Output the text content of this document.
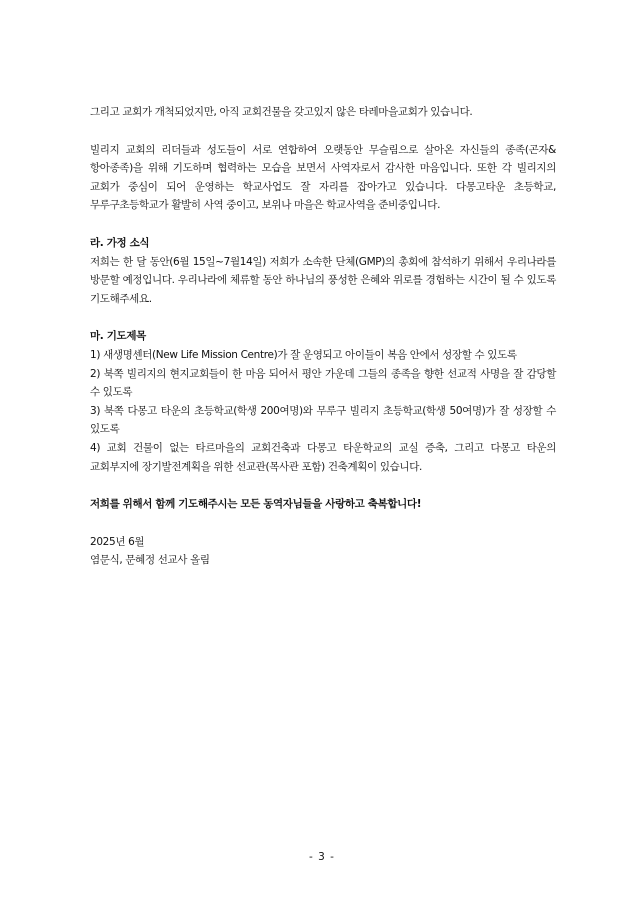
그리고 교회가 개척되었지만, 아직 교회건물을 갖고있지 않은 타레마을교회가 있습니다.

빌리지 교회의 리더들과 성도들이 서로 연합하여 오랫동안 무슬림으로 살아온 자신들의 종족(곤자&항아종족)을 위해 기도하며 협력하는 모습을 보면서 사역자로서 감사한 마음입니다. 또한 각 빌리지의 교회가 중심이 되어 운영하는 학교사업도 잘 자리를 잡아가고 있습니다. 다몽고타운 초등학교, 무루구초등학교가 활발히 사역 중이고, 보위나 마을은 학교사역을 준비중입니다.

라. 가정 소식

저희는 한 달 동안(6월 15일~7월14일) 저희가 소속한 단체(GMP)의 총회에 참석하기 위해서 우리나라를 방문할 예정입니다. 우리나라에 체류할 동안 하나님의 풍성한 은혜와 위로를 경험하는 시간이 될 수 있도록 기도해주세요.

마. 기도제목

1) 새생명센터(New Life Mission Centre)가 잘 운영되고 아이들이 복음 안에서 성장할 수 있도록

2) 북쪽 빌리지의 현지교회들이 한 마음 되어서 평안 가운데 그들의 종족을 향한 선교적 사명을 잘 감당할 수 있도록

3) 북쪽 다몽고 타운의 초등학교(학생 200여명)와 무루구 빌리지 초등학교(학생 50여명)가 잘 성장할 수 있도록

4) 교회 건물이 없는 타르마을의 교회건축과 다몽고 타운학교의 교실 증축, 그리고 다몽고 타운의 교회부지에 장기발전계획을 위한 선교관(목사관 포함) 건축계획이 있습니다.

저희를 위해서 함께 기도해주시는 모든 동역자님들을 사랑하고 축복합니다!

2025년 6월

염문식, 문혜정 선교사 올림

- 3 -
